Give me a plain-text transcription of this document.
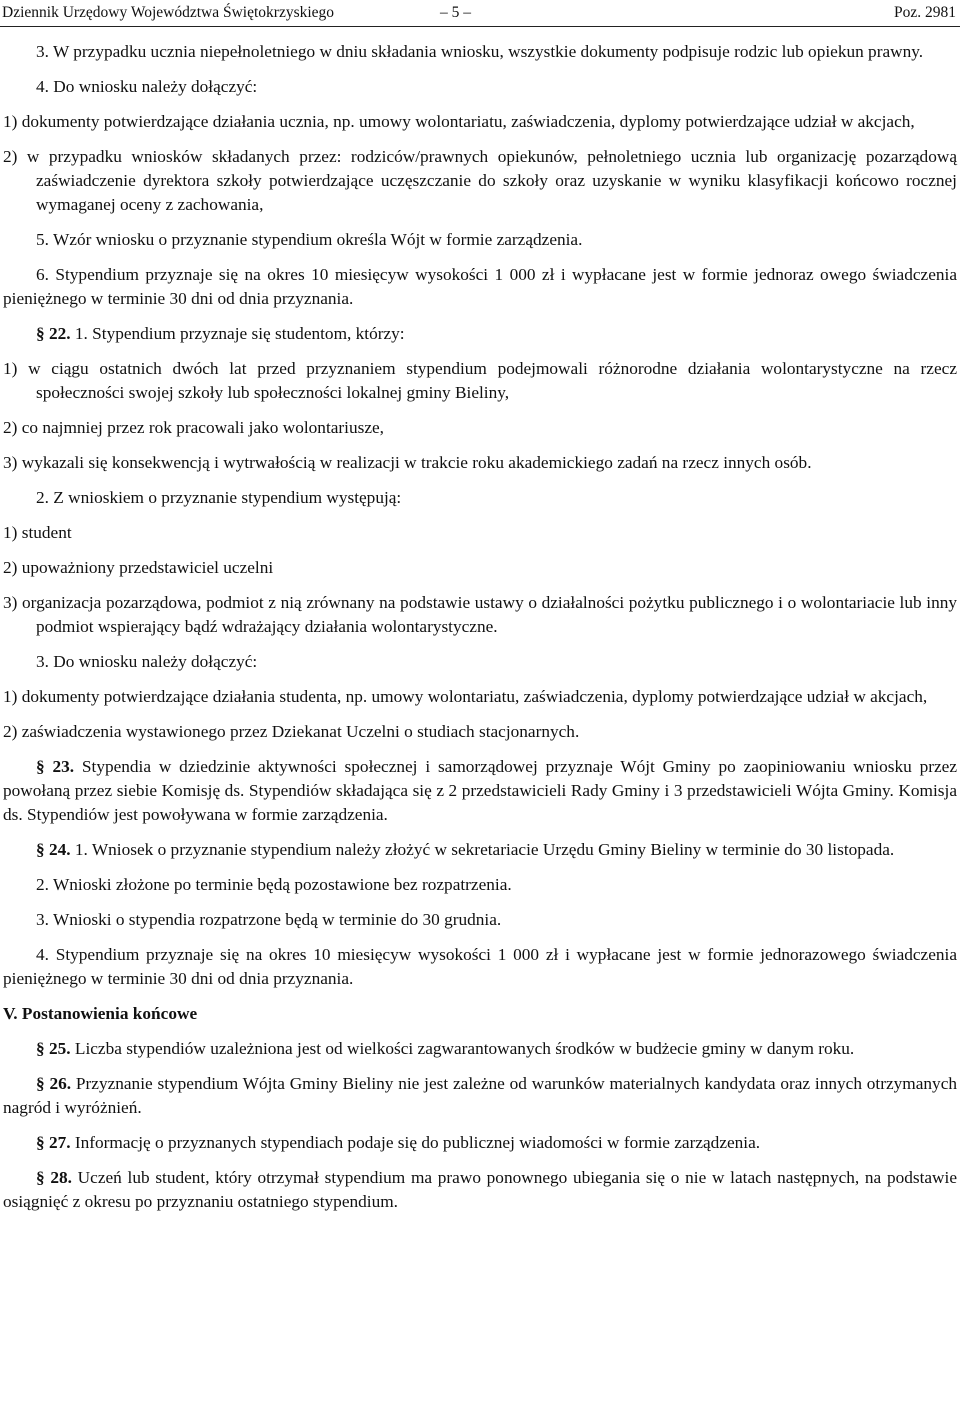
Dziennik Urzędowy Województwa Świętokrzyskiego	– 5 –	Poz. 2981

3. W przypadku ucznia niepełnoletniego w dniu składania wniosku, wszystkie dokumenty podpisuje rodzic lub opiekun prawny.

4. Do wniosku należy dołączyć:

1) dokumenty potwierdzające działania ucznia, np. umowy wolontariatu, zaświadczenia, dyplomy potwierdzające udział w akcjach,

2) w przypadku wniosków składanych przez: rodziców/prawnych opiekunów, pełnoletniego ucznia lub organizację pozarządową zaświadczenie dyrektora szkoły potwierdzające uczęszczanie do szkoły oraz uzyskanie w wyniku klasyfikacji końcowo rocznej wymaganej oceny z zachowania,

5. Wzór wniosku o przyznanie stypendium określa Wójt w formie zarządzenia.

6. Stypendium przyznaje się na okres 10 miesięcyw wysokości 1 000 zł i wypłacane jest w formie jednoraz owego świadczenia pieniężnego w terminie 30 dni od dnia przyznania.

§ 22. 1. Stypendium przyznaje się studentom, którzy:

1) w ciągu ostatnich dwóch lat przed przyznaniem stypendium podejmowali różnorodne działania wolontarystyczne na rzecz społeczności swojej szkoły lub społeczności lokalnej gminy Bieliny,

2) co najmniej przez rok pracowali jako wolontariusze,

3) wykazali się konsekwencją i wytrwałością w realizacji w trakcie roku akademickiego zadań na rzecz innych osób.

2. Z wnioskiem o przyznanie stypendium występują:

1) student

2) upoważniony przedstawiciel uczelni

3) organizacja pozarządowa, podmiot z nią zrównany na podstawie ustawy o działalności pożytku publicznego i o wolontariacie lub inny podmiot wspierający bądź wdrażający działania wolontarystyczne.

3. Do wniosku należy dołączyć:

1) dokumenty potwierdzające działania studenta, np. umowy wolontariatu, zaświadczenia, dyplomy potwierdzające udział w akcjach,

2) zaświadczenia wystawionego przez Dziekanat Uczelni o studiach stacjonarnych.

§ 23. Stypendia w dziedzinie aktywności społecznej i samorządowej przyznaje Wójt Gminy po zaopiniowaniu wniosku przez powołaną przez siebie Komisję ds. Stypendiów składająca się z 2 przedstawicieli Rady Gminy i 3 przedstawicieli Wójta Gminy. Komisja ds. Stypendiów jest powoływana w formie zarządzenia.

§ 24. 1. Wniosek o przyznanie stypendium należy złożyć w sekretariacie Urzędu Gminy Bieliny w terminie do 30 listopada.

2. Wnioski złożone po terminie będą pozostawione bez rozpatrzenia.

3. Wnioski o stypendia rozpatrzone będą w terminie do 30 grudnia.

4. Stypendium przyznaje się na okres 10 miesięcyw wysokości 1 000 zł i wypłacane jest w formie jednorazowego świadczenia pieniężnego w terminie 30 dni od dnia przyznania.

V. Postanowienia końcowe

§ 25. Liczba stypendiów uzależniona jest od wielkości zagwarantowanych środków w budżecie gminy w danym roku.

§ 26. Przyznanie stypendium Wójta Gminy Bieliny nie jest zależne od warunków materialnych kandydata oraz innych otrzymanych nagród i wyróżnień.

§ 27. Informację o przyznanych stypendiach podaje się do publicznej wiadomości w formie zarządzenia.

§ 28. Uczeń lub student, który otrzymał stypendium ma prawo ponownego ubiegania się o nie w latach następnych, na podstawie osiągnięć z okresu po przyznaniu ostatniego stypendium.
